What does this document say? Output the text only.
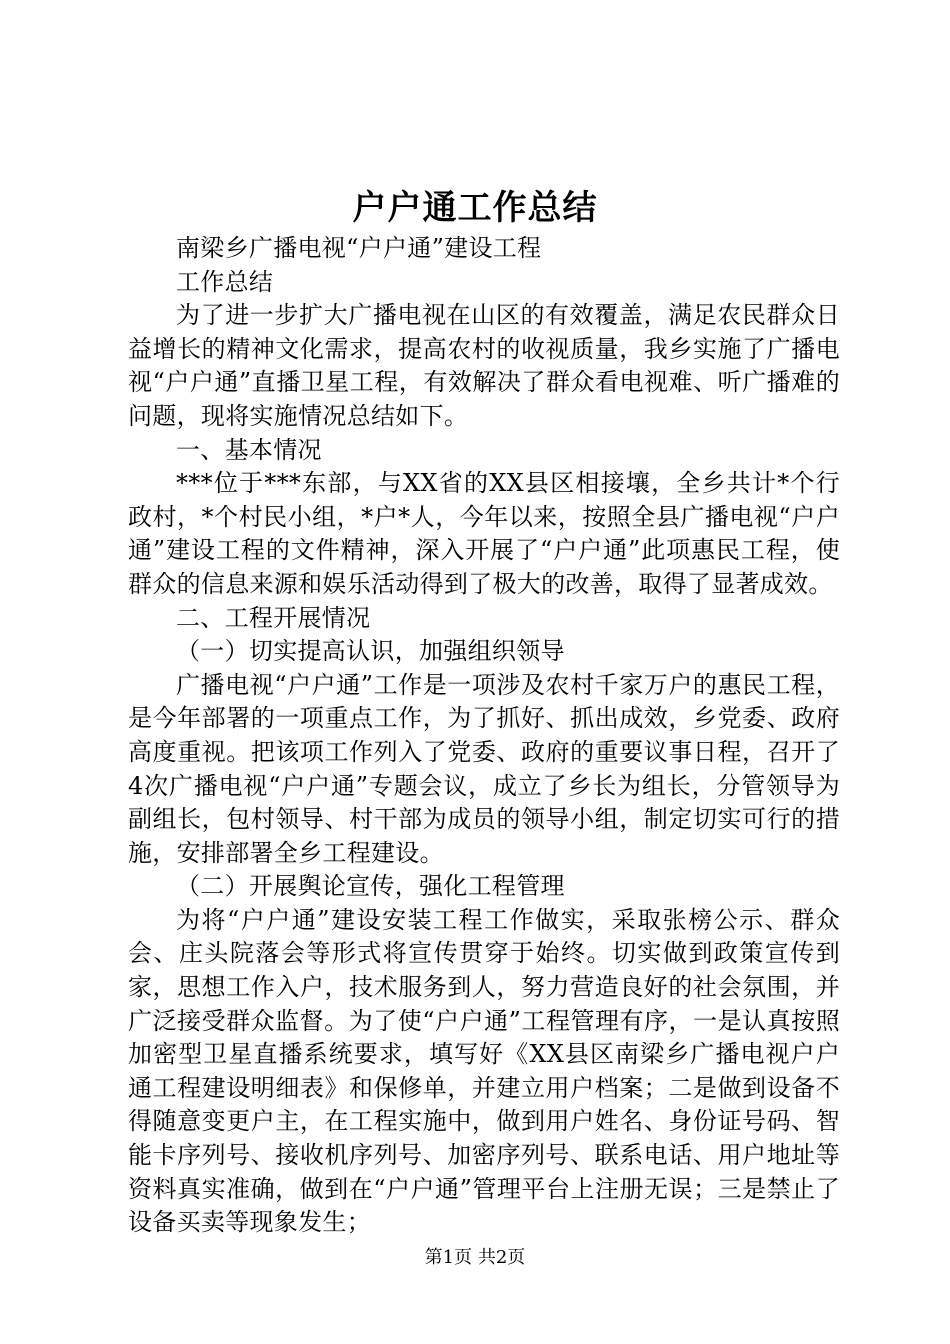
户户通工作总结

南梁乡广播电视“户户通”建设工程

工作总结

为了进一步扩大广播电视在山区的有效覆盖，满足农民群众日益增长的精神文化需求，提高农村的收视质量，我乡实施了广播电视“户户通”直播卫星工程，有效解决了群众看电视难、听广播难的问题，现将实施情况总结如下。

一、基本情况

***位于***东部，与XX省的XX县区相接壤，全乡共计*个行政村，*个村民小组，*户*人，今年以来，按照全县广播电视“户户通”建设工程的文件精神，深入开展了“户户通”此项惠民工程，使群众的信息来源和娱乐活动得到了极大的改善，取得了显著成效。

二、工程开展情况

（一）切实提高认识，加强组织领导

广播电视“户户通”工作是一项涉及农村千家万户的惠民工程，是今年部署的一项重点工作，为了抓好、抓出成效，乡党委、政府高度重视。把该项工作列入了党委、政府的重要议事日程，召开了4次广播电视“户户通”专题会议，成立了乡长为组长，分管领导为副组长，包村领导、村干部为成员的领导小组，制定切实可行的措施，安排部署全乡工程建设。

（二）开展舆论宣传，强化工程管理

为将“户户通”建设安装工程工作做实，采取张榜公示、群众会、庄头院落会等形式将宣传贯穿于始终。切实做到政策宣传到家，思想工作入户，技术服务到人，努力营造良好的社会氛围，并广泛接受群众监督。为了使“户户通”工程管理有序，一是认真按照加密型卫星直播系统要求，填写好《XX县区南梁乡广播电视户户通工程建设明细表》和保修单，并建立用户档案；二是做到设备不得随意变更户主，在工程实施中，做到用户姓名、身份证号码、智能卡序列号、接收机序列号、加密序列号、联系电话、用户地址等资料真实准确，做到在“户户通”管理平台上注册无误；三是禁止了设备买卖等现象发生；

第1页 共2页
